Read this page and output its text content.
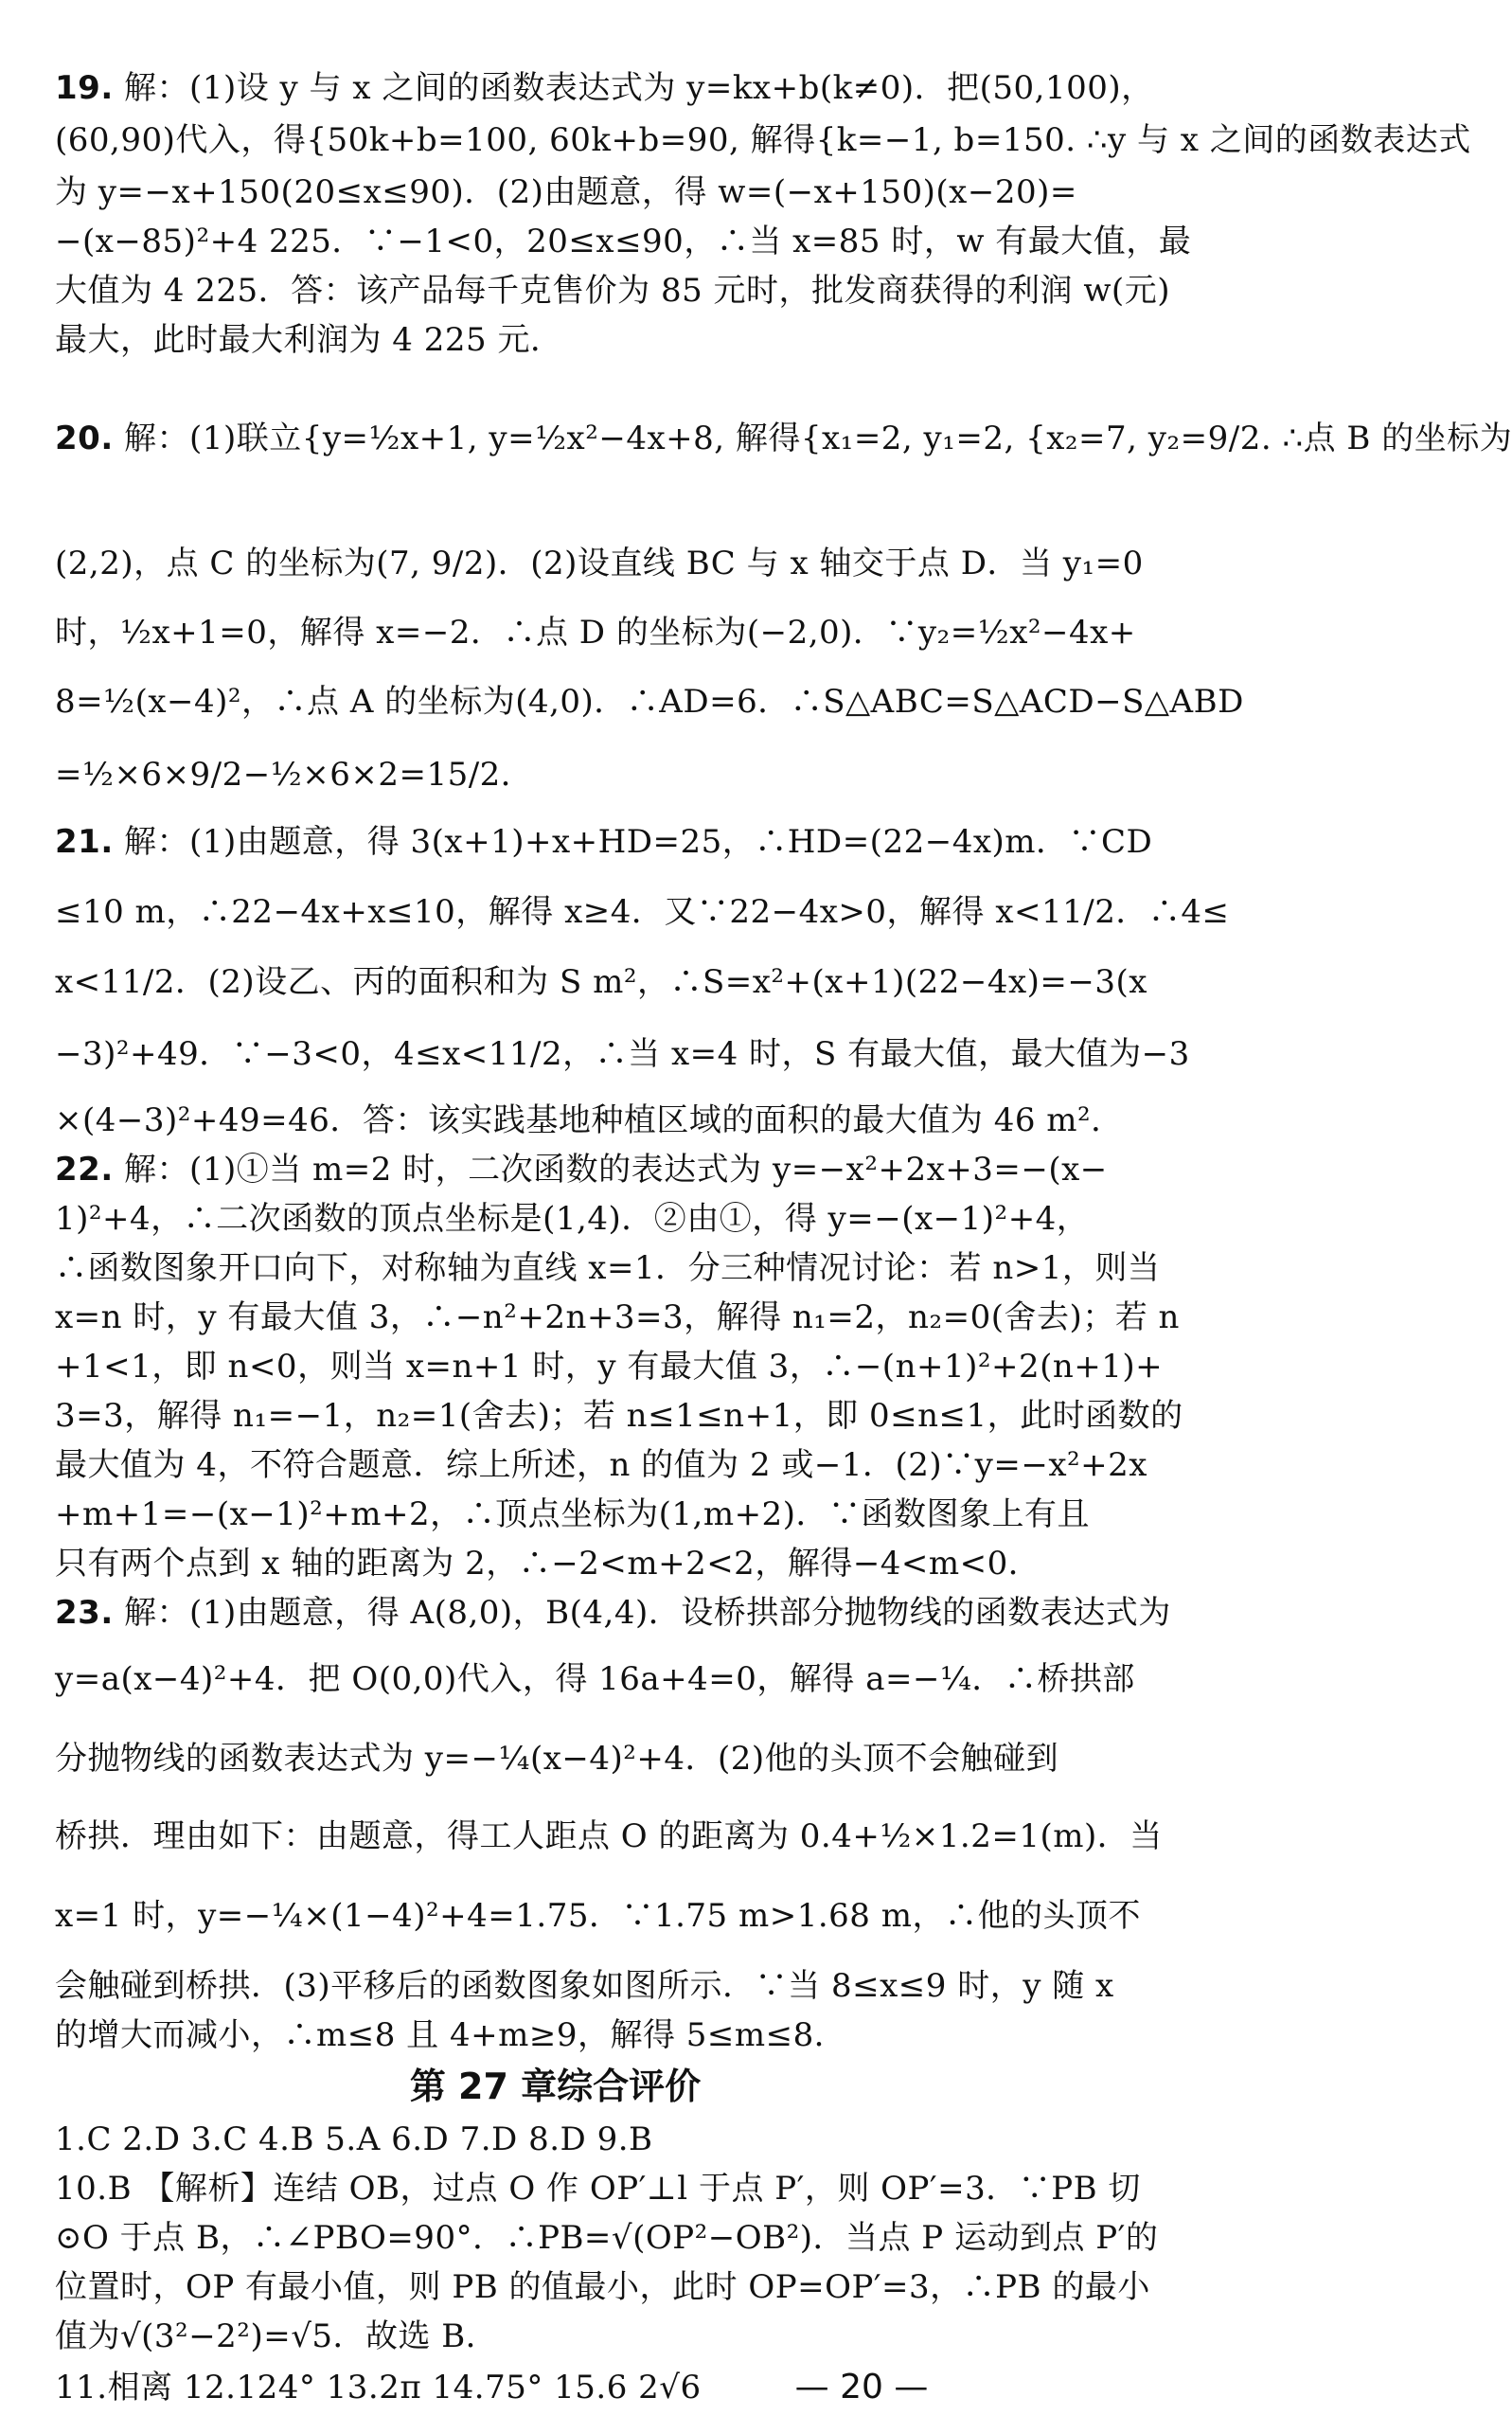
第 27 章综合评价
— 20 —
19. 解：(1)设 y 与 x 之间的函数表达式为 y=kx+b(k≠0)．把(50,100)，
(60,90)代入，得{50k+b=100, 60k+b=90, 解得{k=−1, b=150. ∴y 与 x 之间的函数表达式
为 y=−x+150(20≤x≤90)．(2)由题意，得 w=(−x+150)(x−20)=
−(x−85)²+4 225．∵−1<0，20≤x≤90，∴当 x=85 时，w 有最大值，最
大值为 4 225．答：该产品每千克售价为 85 元时，批发商获得的利润 w(元)
最大，此时最大利润为 4 225 元．
20. 解：(1)联立{y=½x+1, y=½x²−4x+8, 解得{x₁=2, y₁=2, {x₂=7, y₂=9/2. ∴点 B 的坐标为
(2,2)，点 C 的坐标为(7, 9/2)．(2)设直线 BC 与 x 轴交于点 D．当 y₁=0
时，½x+1=0，解得 x=−2．∴点 D 的坐标为(−2,0)．∵y₂=½x²−4x+
8=½(x−4)²，∴点 A 的坐标为(4,0)．∴AD=6．∴S△ABC=S△ACD−S△ABD
=½×6×9/2−½×6×2=15/2．
21. 解：(1)由题意，得 3(x+1)+x+HD=25，∴HD=(22−4x)m．∵CD
≤10 m，∴22−4x+x≤10，解得 x≥4．又∵22−4x>0，解得 x<11/2．∴4≤
x<11/2．(2)设乙、丙的面积和为 S m²，∴S=x²+(x+1)(22−4x)=−3(x
−3)²+49．∵−3<0，4≤x<11/2，∴当 x=4 时，S 有最大值，最大值为−3
×(4−3)²+49=46．答：该实践基地种植区域的面积的最大值为 46 m²．
22. 解：(1)①当 m=2 时，二次函数的表达式为 y=−x²+2x+3=−(x−
1)²+4，∴二次函数的顶点坐标是(1,4)．②由①，得 y=−(x−1)²+4，
∴函数图象开口向下，对称轴为直线 x=1．分三种情况讨论：若 n>1，则当
x=n 时，y 有最大值 3，∴−n²+2n+3=3，解得 n₁=2，n₂=0(舍去)；若 n
+1<1，即 n<0，则当 x=n+1 时，y 有最大值 3，∴−(n+1)²+2(n+1)+
3=3，解得 n₁=−1，n₂=1(舍去)；若 n≤1≤n+1，即 0≤n≤1，此时函数的
最大值为 4，不符合题意．综上所述，n 的值为 2 或−1．(2)∵y=−x²+2x
+m+1=−(x−1)²+m+2，∴顶点坐标为(1,m+2)．∵函数图象上有且
只有两个点到 x 轴的距离为 2，∴−2<m+2<2，解得−4<m<0．
23. 解：(1)由题意，得 A(8,0)，B(4,4)．设桥拱部分抛物线的函数表达式为
y=a(x−4)²+4．把 O(0,0)代入，得 16a+4=0，解得 a=−¼．∴桥拱部
分抛物线的函数表达式为 y=−¼(x−4)²+4．(2)他的头顶不会触碰到
桥拱．理由如下：由题意，得工人距点 O 的距离为 0.4+½×1.2=1(m)．当
x=1 时，y=−¼×(1−4)²+4=1.75．∵1.75 m>1.68 m，∴他的头顶不
会触碰到桥拱．(3)平移后的函数图象如图所示．∵当 8≤x≤9 时，y 随 x
的增大而减小，∴m≤8 且 4+m≥9，解得 5≤m≤8．
1.C 2.D 3.C 4.B 5.A 6.D 7.D 8.D 9.B
10.B 【解析】连结 OB，过点 O 作 OP′⊥l 于点 P′，则 OP′=3．∵PB 切
⊙O 于点 B，∴∠PBO=90°．∴PB=√(OP²−OB²)．当点 P 运动到点 P′的
位置时，OP 有最小值，则 PB 的值最小，此时 OP=OP′=3，∴PB 的最小
值为√(3²−2²)=√5．故选 B．
11.相离 12.124° 13.2π 14.75° 15.6 2√6
